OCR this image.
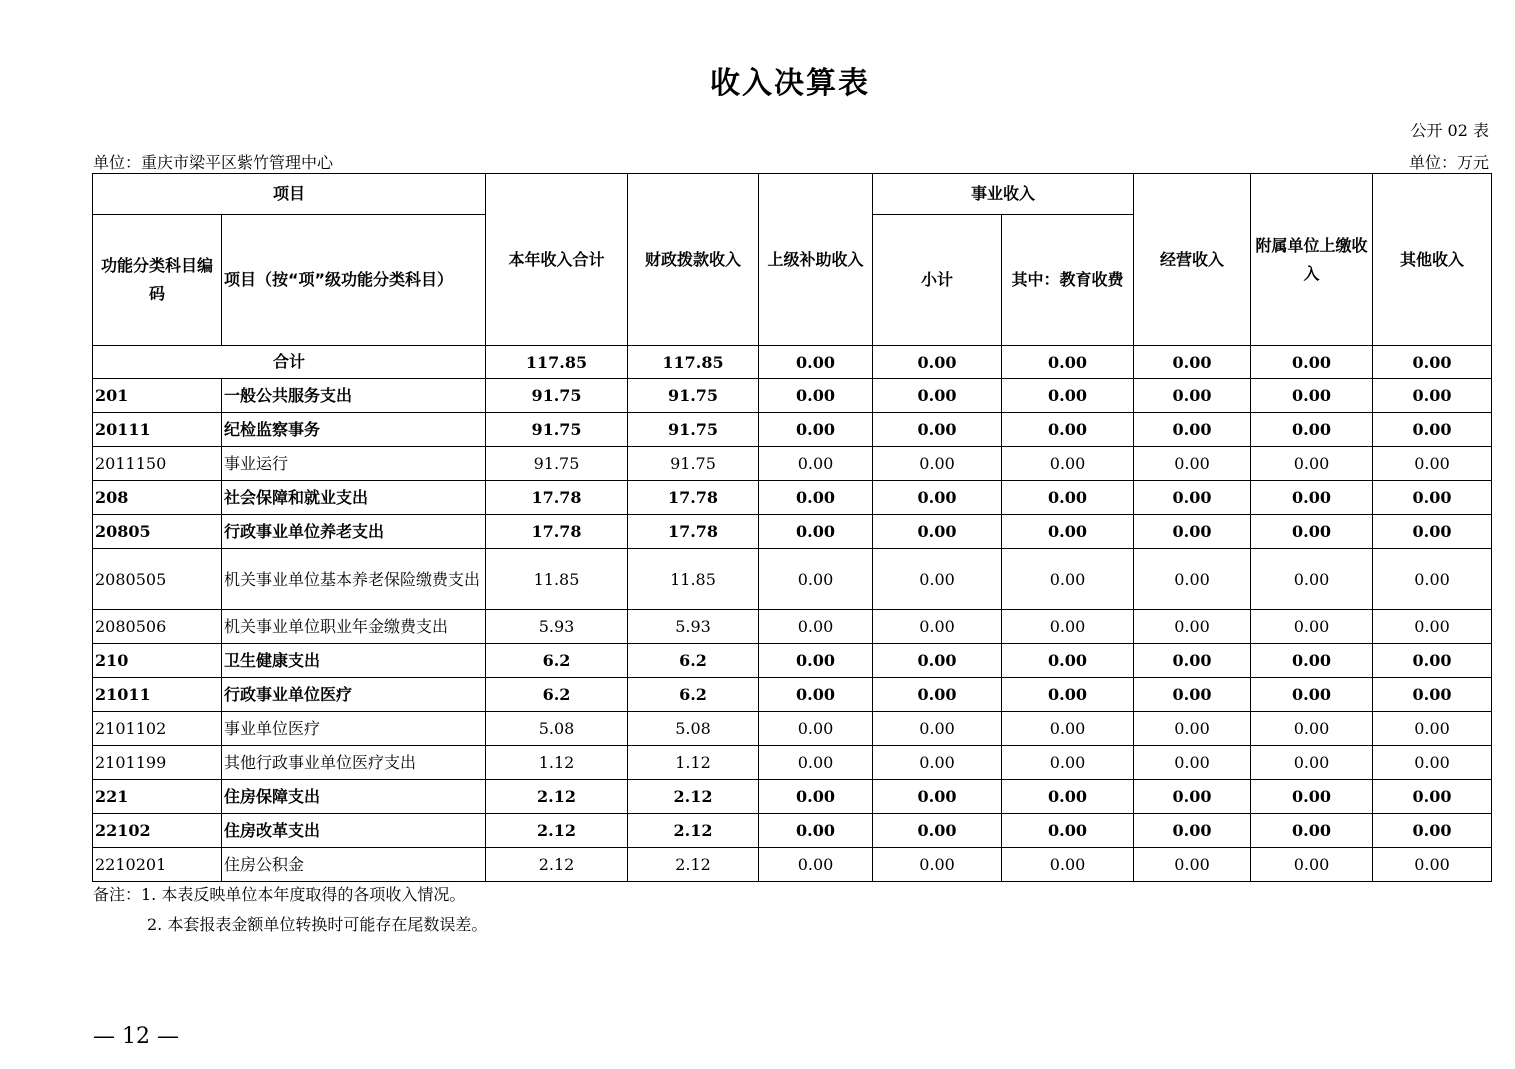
收入决算表
公开 02 表
单位：重庆市梁平区紫竹管理中心	单位：万元
项目		本年收入合计	财政拨款收入	上级补助收入	事业收入		经营收入	附属单位上缴收入	其他收入
功能分类科目编码	项目（按“项”级功能分类科目）				小计	其中：教育收费			
合计		117.85	117.85	0.00	0.00	0.00	0.00	0.00	0.00
201	一般公共服务支出	91.75	91.75	0.00	0.00	0.00	0.00	0.00	0.00
20111	纪检监察事务	91.75	91.75	0.00	0.00	0.00	0.00	0.00	0.00
2011150	事业运行	91.75	91.75	0.00	0.00	0.00	0.00	0.00	0.00
208	社会保障和就业支出	17.78	17.78	0.00	0.00	0.00	0.00	0.00	0.00
20805	行政事业单位养老支出	17.78	17.78	0.00	0.00	0.00	0.00	0.00	0.00
2080505	机关事业单位基本养老保险缴费支出	11.85	11.85	0.00	0.00	0.00	0.00	0.00	0.00
2080506	机关事业单位职业年金缴费支出	5.93	5.93	0.00	0.00	0.00	0.00	0.00	0.00
210	卫生健康支出	6.2	6.2	0.00	0.00	0.00	0.00	0.00	0.00
21011	行政事业单位医疗	6.2	6.2	0.00	0.00	0.00	0.00	0.00	0.00
2101102	事业单位医疗	5.08	5.08	0.00	0.00	0.00	0.00	0.00	0.00
2101199	其他行政事业单位医疗支出	1.12	1.12	0.00	0.00	0.00	0.00	0.00	0.00
221	住房保障支出	2.12	2.12	0.00	0.00	0.00	0.00	0.00	0.00
22102	住房改革支出	2.12	2.12	0.00	0.00	0.00	0.00	0.00	0.00
2210201	住房公积金	2.12	2.12	0.00	0.00	0.00	0.00	0.00	0.00
备注：1. 本表反映单位本年度取得的各项收入情况。
2. 本套报表金额单位转换时可能存在尾数误差。
— 12 —
